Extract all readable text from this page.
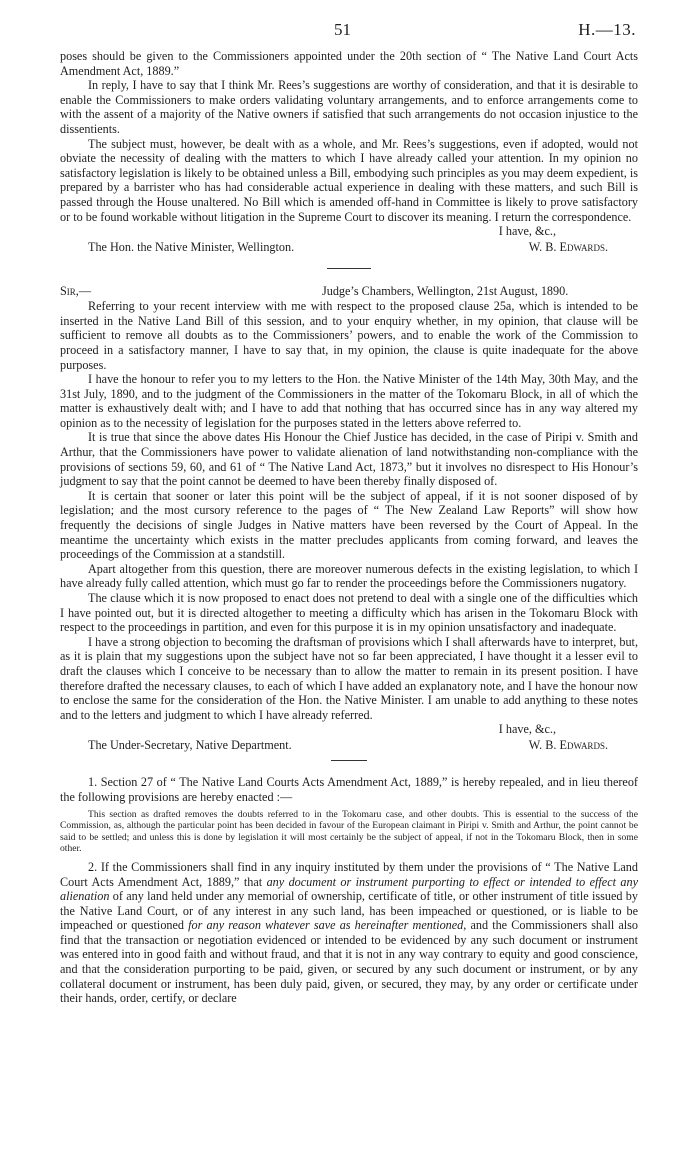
51	H.—13.

poses should be given to the Commissioners appointed under the 20th section of “ The Native Land Court Acts Amendment Act, 1889.”

In reply, I have to say that I think Mr. Rees’s suggestions are worthy of consideration, and that it is desirable to enable the Commissioners to make orders validating voluntary arrangements, and to enforce arrangements come to with the assent of a majority of the Native owners if satisfied that such arrangements do not occasion injustice to the dissentients.

The subject must, however, be dealt with as a whole, and Mr. Rees’s suggestions, even if adopted, would not obviate the necessity of dealing with the matters to which I have already called your attention. In my opinion no satisfactory legislation is likely to be obtained unless a Bill, embodying such principles as you may deem expedient, is prepared by a barrister who has had considerable actual experience in dealing with these matters, and such Bill is passed through the House unaltered. No Bill which is amended off-hand in Committee is likely to prove satisfactory or to be found workable without litigation in the Supreme Court to discover its meaning. I return the correspondence.

I have, &c.,
The Hon. the Native Minister, Wellington.	W. B. Edwards.
Sir,—	Judge’s Chambers, Wellington, 21st August, 1890.

Referring to your recent interview with me with respect to the proposed clause 25a, which is intended to be inserted in the Native Land Bill of this session, and to your enquiry whether, in my opinion, that clause will be sufficient to remove all doubts as to the Commissioners’ powers, and to enable the work of the Commission to proceed in a satisfactory manner, I have to say that, in my opinion, the clause is quite inadequate for the above purposes.

I have the honour to refer you to my letters to the Hon. the Native Minister of the 14th May, 30th May, and the 31st July, 1890, and to the judgment of the Commissioners in the matter of the Tokomaru Block, in all of which the matter is exhaustively dealt with; and I have to add that nothing that has occurred since has in any way altered my opinion as to the necessity of legislation for the purposes stated in the letters above referred to.

It is true that since the above dates His Honour the Chief Justice has decided, in the case of Piripi v. Smith and Arthur, that the Commissioners have power to validate alienation of land notwithstanding non-compliance with the provisions of sections 59, 60, and 61 of “ The Native Land Act, 1873,” but it involves no disrespect to His Honour’s judgment to say that the point cannot be deemed to have been thereby finally disposed of.

It is certain that sooner or later this point will be the subject of appeal, if it is not sooner disposed of by legislation; and the most cursory reference to the pages of “ The New Zealand Law Reports” will show how frequently the decisions of single Judges in Native matters have been reversed by the Court of Appeal. In the meantime the uncertainty which exists in the matter precludes applicants from coming forward, and leaves the proceedings of the Commission at a standstill.

Apart altogether from this question, there are moreover numerous defects in the existing legislation, to which I have already fully called attention, which must go far to render the proceedings before the Commissioners nugatory.

The clause which it is now proposed to enact does not pretend to deal with a single one of the difficulties which I have pointed out, but it is directed altogether to meeting a difficulty which has arisen in the Tokomaru Block with respect to the proceedings in partition, and even for this purpose it is in my opinion unsatisfactory and inadequate.

I have a strong objection to becoming the draftsman of provisions which I shall afterwards have to interpret, but, as it is plain that my suggestions upon the subject have not so far been appreciated, I have thought it a lesser evil to draft the clauses which I conceive to be necessary than to allow the matter to remain in its present position. I have therefore drafted the necessary clauses, to each of which I have added an explanatory note, and I have the honour now to enclose the same for the consideration of the Hon. the Native Minister. I am unable to add anything to these notes and to the letters and judgment to which I have already referred.

I have, &c.,
The Under-Secretary, Native Department.	W. B. Edwards.

1. Section 27 of “ The Native Land Courts Acts Amendment Act, 1889,” is hereby repealed, and in lieu thereof the following provisions are hereby enacted :—

This section as drafted removes the doubts referred to in the Tokomaru case, and other doubts. This is essential to the success of the Commission, as, although the particular point has been decided in favour of the European claimant in Piripi v. Smith and Arthur, the point cannot be said to be settled; and unless this is done by legislation it will most certainly be the subject of appeal, if not in the Tokomaru Block, then in some other.

2. If the Commissioners shall find in any inquiry instituted by them under the provisions of “ The Native Land Court Acts Amendment Act, 1889,” that any document or instrument purporting to effect or intended to effect any alienation of any land held under any memorial of ownership, certificate of title, or other instrument of title issued by the Native Land Court, or of any interest in any such land, has been impeached or questioned, or is liable to be impeached or questioned for any reason whatever save as hereinafter mentioned, and the Commissioners shall also find that the transaction or negotiation evidenced or intended to be evidenced by any such document or instrument was entered into in good faith and without fraud, and that it is not in any way contrary to equity and good conscience, and that the consideration purporting to be paid, given, or secured by any such document or instrument, or by any collateral document or instrument, has been duly paid, given, or secured, they may, by any order or certificate under their hands, order, certify, or declare
